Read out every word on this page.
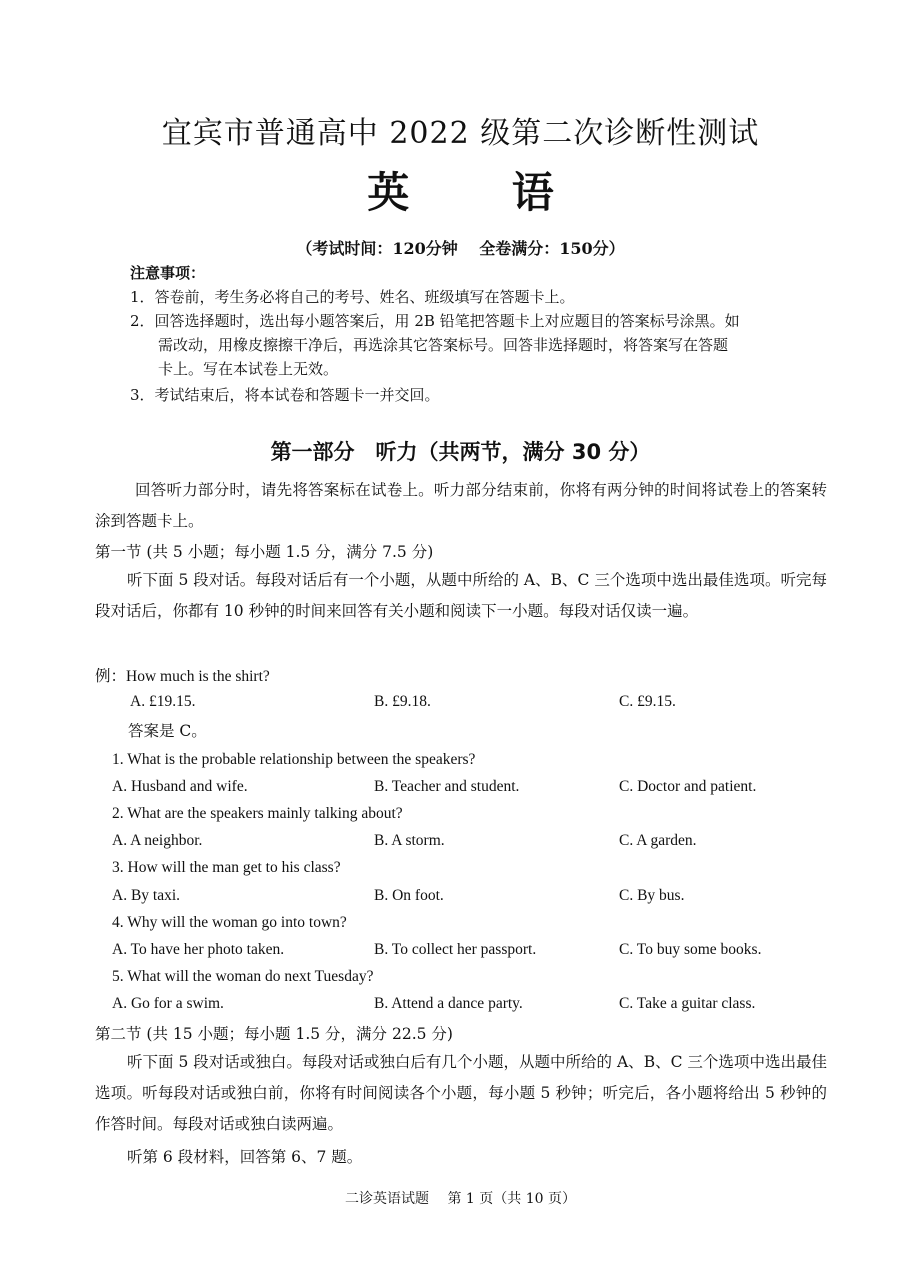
宜宾市普通高中 2022 级第二次诊断性测试
英 语
（考试时间：120分钟　 全卷满分：150分）
注意事项：
1．答卷前，考生务必将自己的考号、姓名、班级填写在答题卡上。
2．回答选择题时，选出每小题答案后，用 2B 铅笔把答题卡上对应题目的答案标号涂黑。如
需改动，用橡皮擦擦干净后，再选涂其它答案标号。回答非选择题时，将答案写在答题
卡上。写在本试卷上无效。
3．考试结束后，将本试卷和答题卡一并交回。
第一部分　听力（共两节，满分 30 分）
回答听力部分时，请先将答案标在试卷上。听力部分结束前，你将有两分钟的时间将试卷上的答案转涂到答题卡上。
第一节 (共 5 小题；每小题 1.5 分，满分 7.5 分)
听下面 5 段对话。每段对话后有一个小题，从题中所给的 A、B、C 三个选项中选出最佳选项。听完每段对话后，你都有 10 秒钟的时间来回答有关小题和阅读下一小题。每段对话仅读一遍。
例：How much is the shirt?
A. £19.15.	B. £9.18.	C. £9.15.
答案是 C。
1. What is the probable relationship between the speakers?
A. Husband and wife.	B. Teacher and student.	C. Doctor and patient.
2. What are the speakers mainly talking about?
A. A neighbor.	B. A storm.	C. A garden.
3. How will the man get to his class?
A. By taxi.	B. On foot.	C. By bus.
4. Why will the woman go into town?
A. To have her photo taken.	B. To collect her passport.	C. To buy some books.
5. What will the woman do next Tuesday?
A. Go for a swim.	B. Attend a dance party.	C. Take a guitar class.
第二节 (共 15 小题；每小题 1.5 分，满分 22.5 分)
听下面 5 段对话或独白。每段对话或独白后有几个小题，从题中所给的 A、B、C 三个选项中选出最佳选项。听每段对话或独白前，你将有时间阅读各个小题，每小题 5 秒钟；听完后，各小题将给出 5 秒钟的作答时间。每段对话或独白读两遍。
听第 6 段材料，回答第 6、7 题。
二诊英语试题　 第 1 页（共 10 页）
